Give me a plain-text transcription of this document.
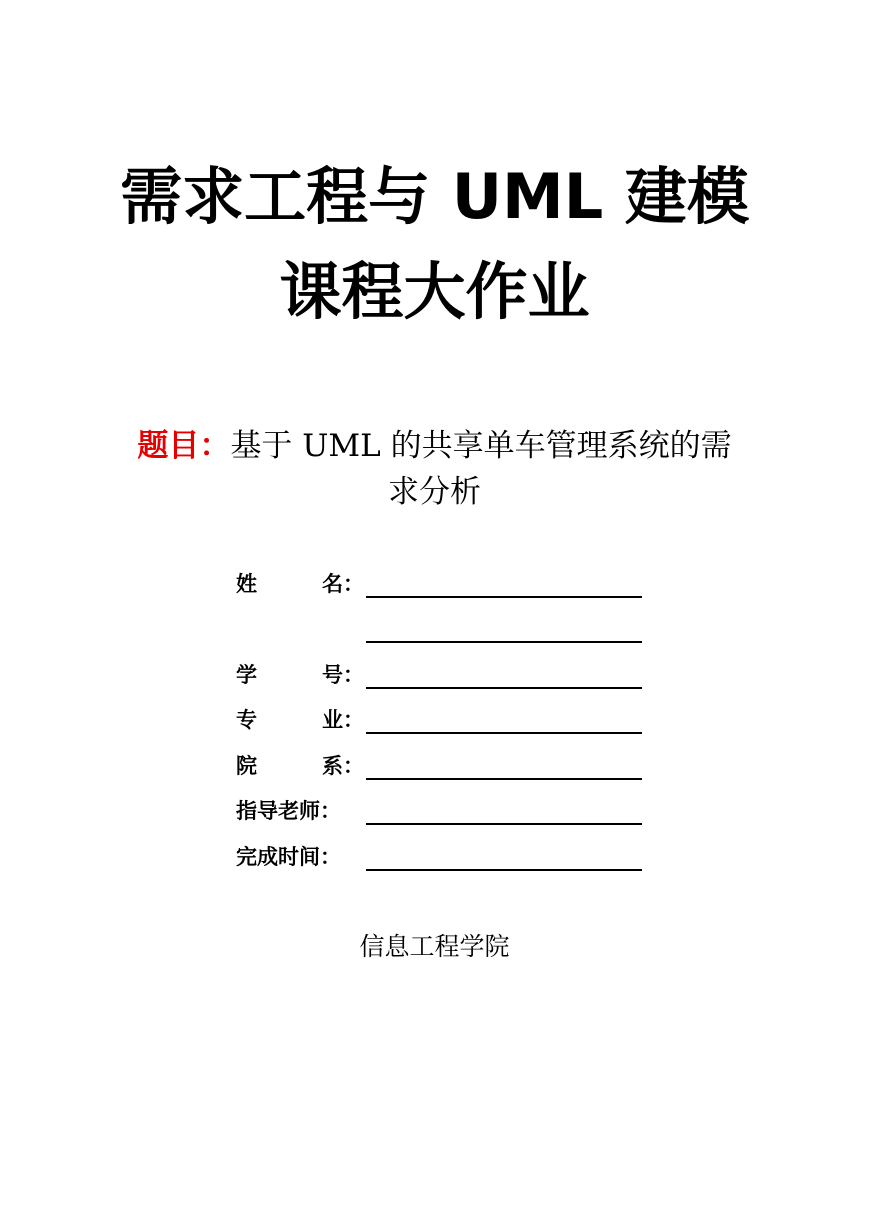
需求工程与 UML 建模
课程大作业
题目：基于 UML 的共享单车管理系统的需
求分析
姓	名：
学	号：
专	业：
院	系：
指导老师：
完成时间：
信息工程学院
